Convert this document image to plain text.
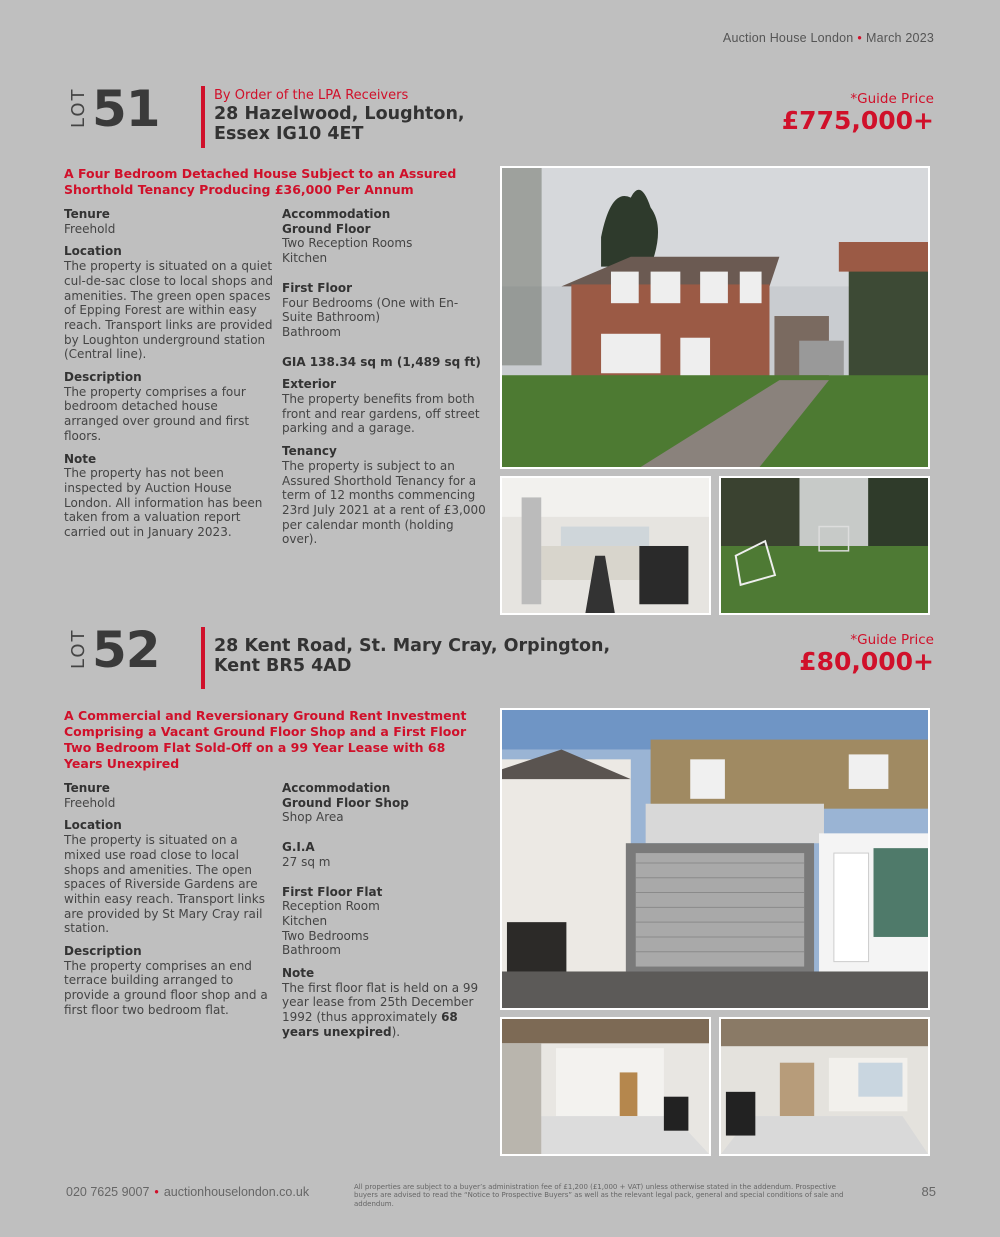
Auction House London • March 2023
LOT 51	By Order of the LPA Receivers
28 Hazelwood, Loughton,
Essex IG10 4ET
*Guide Price
£775,000+
A Four Bedroom Detached House Subject to an Assured Shorthold Tenancy Producing £36,000 Per Annum
Tenure

Freehold

Location

The property is situated on a quiet cul-de-sac close to local shops and amenities. The green open spaces of Epping Forest are within easy reach. Transport links are provided by Loughton underground station (Central line).

Description

The property comprises a four bedroom detached house arranged over ground and first floors.

Note

The property has not been inspected by Auction House London. All information has been taken from a valuation report carried out in January 2023.

Accommodation
Ground Floor
Two Reception Rooms

Kitchen

First Floor
Four Bedrooms (One with En-Suite Bathroom)

Bathroom

GIA 138.34 sq m (1,489 sq ft)

Exterior

The property benefits from both front and rear gardens, off street parking and a garage.

Tenancy

The property is subject to an Assured Shorthold Tenancy for a term of 12 months commencing 23rd July 2021 at a rent of £3,000 per calendar month (holding over).

LOT 52	28 Kent Road, St. Mary Cray, Orpington,
Kent BR5 4AD
*Guide Price
£80,000+
A Commercial and Reversionary Ground Rent Investment Comprising a Vacant Ground Floor Shop and a First Floor Two Bedroom Flat Sold-Off on a 99 Year Lease with 68 Years Unexpired
Tenure

Freehold

Location

The property is situated on a mixed use road close to local shops and amenities. The open spaces of Riverside Gardens are within easy reach. Transport links are provided by St Mary Cray rail station.

Description

The property comprises an end terrace building arranged to provide a ground floor shop and a first floor two bedroom flat.

Accommodation
Ground Floor Shop

Shop Area

G.I.A

27 sq m

First Floor Flat
Reception Room
Kitchen
Two Bedrooms

Bathroom

Note

The first floor flat is held on a 99 year lease from 25th December 1992 (thus approximately 68 years unexpired).

020 7625 9007 • auctionhouselondon.co.uk	All properties are subject to a buyer’s administration fee of £1,200 (£1,000 + VAT) unless otherwise stated in the addendum. Prospective buyers are advised to read the “Notice to Prospective Buyers” as well as the relevant legal pack, general and special conditions of sale and addendum.
85
